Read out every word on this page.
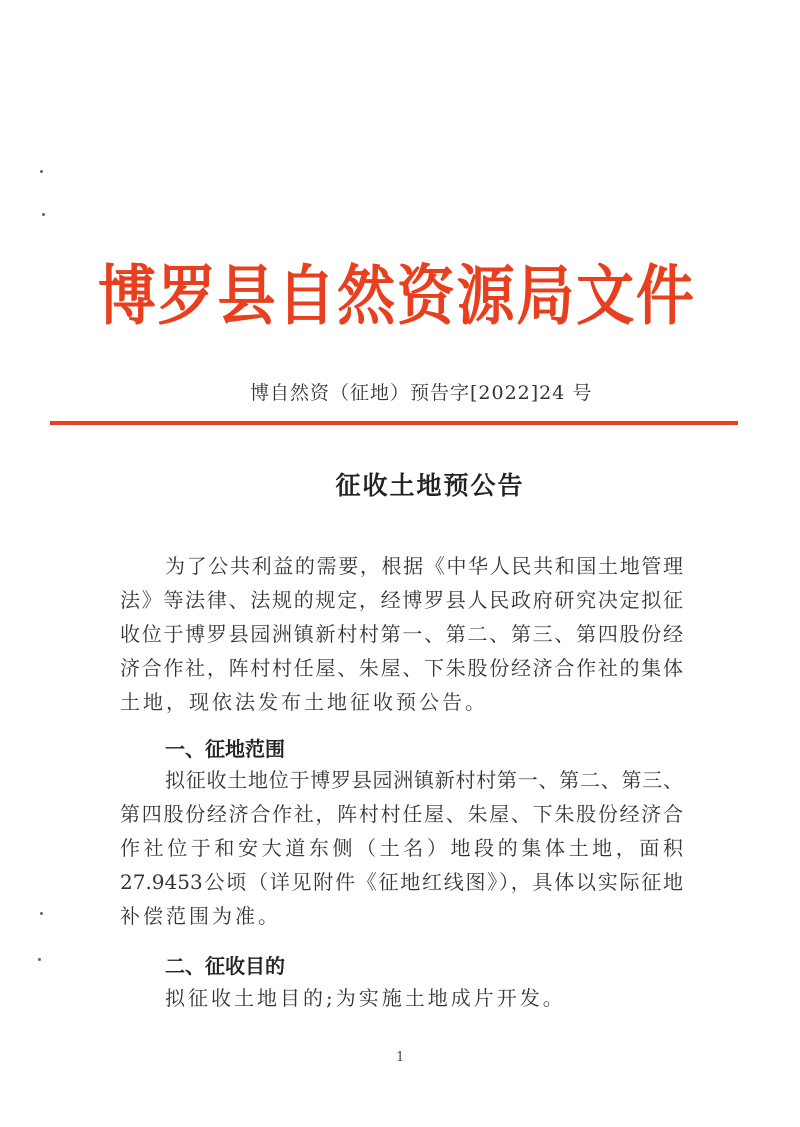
博 罗 县 自 然 资 源 局 文 件
博自然资（征地）预告字[2022]24 号
征收土地预公告
为了公共利益的需要，根据《中华人民共和国土地管理
法》等法律、法规的规定，经博罗县人民政府研究决定拟征
收位于博罗县园洲镇新村村第一、第二、第三、第四股份经
济合作社，阵村村任屋、朱屋、下朱股份经济合作社的集体
土地，现依法发布土地征收预公告。
一、征地范围
拟征收土地位于博罗县园洲镇新村村第一、第二、第三、
第四股份经济合作社，阵村村任屋、朱屋、下朱股份经济合
作社位于和安大道东侧（土名）地段的集体土地，面积
27.9453公顷（详见附件《征地红线图》），具体以实际征地
补偿范围为准。
二、征收目的
拟征收土地目的;为实施土地成片开发。
1
